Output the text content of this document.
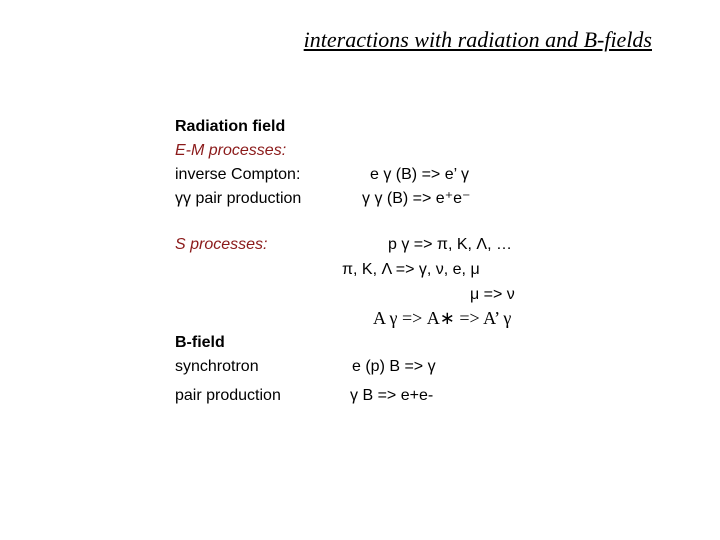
interactions with radiation and B-fields
Radiation field
E-M processes:
inverse Compton:
γγ pair production
S processes:
B-field
synchrotron
pair production
e γ (B) => e’ γ
γ γ (B) => e⁺e⁻
p γ => π, K, Λ, …
π, K, Λ => γ, ν, e, μ
μ => ν
A γ => A∗ => A’ γ
e (p) B => γ
γ B => e+e-
